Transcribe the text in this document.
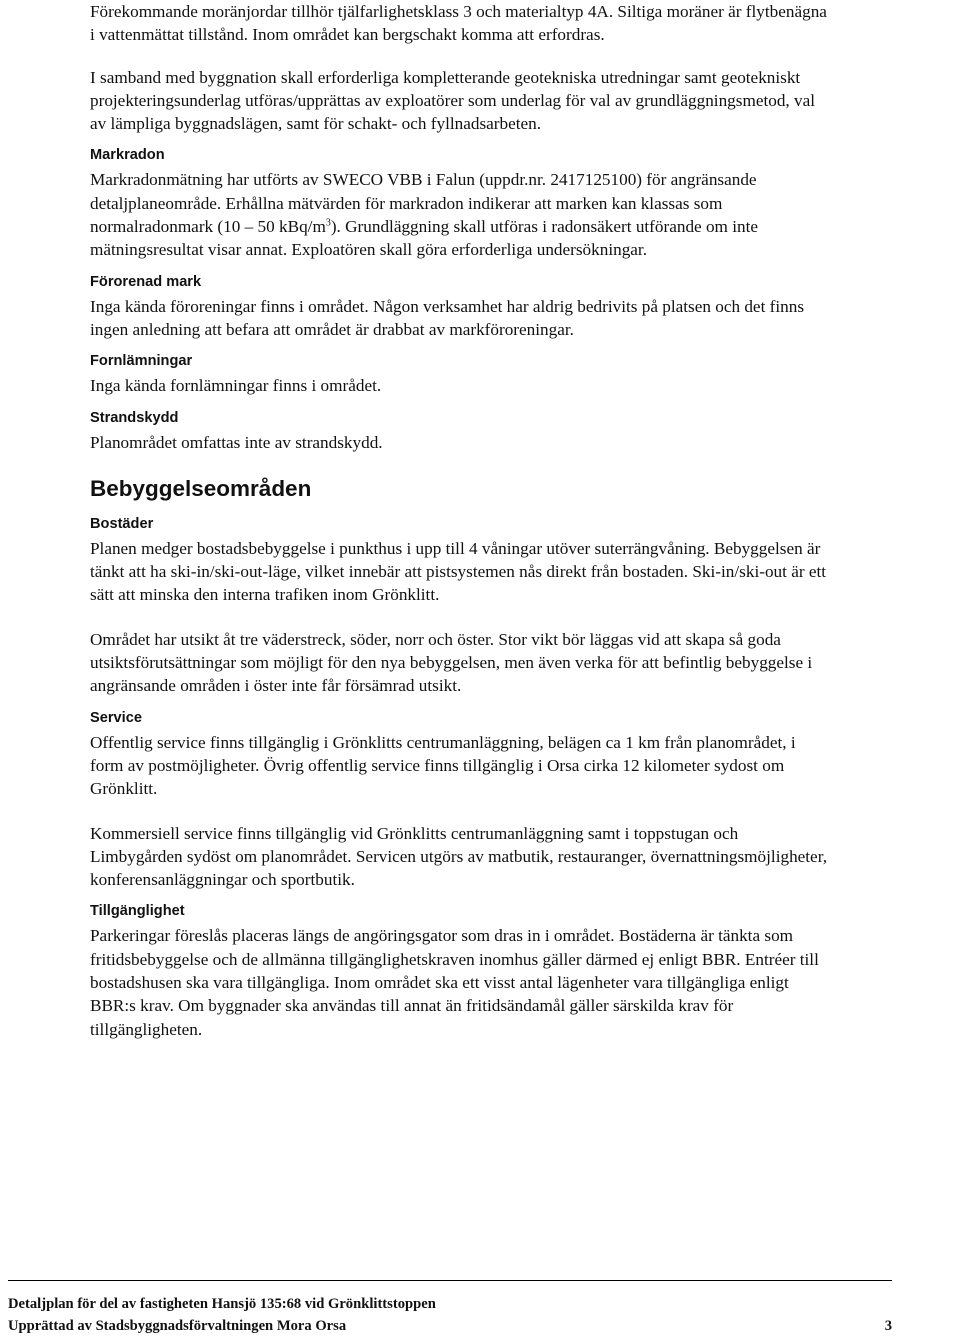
Förekommande moränjordar tillhör tjälfarlighetsklass 3 och materialtyp 4A. Siltiga moräner är flytbenägna i vattenmättat tillstånd. Inom området kan bergschakt komma att erfordras.

I samband med byggnation skall erforderliga kompletterande geotekniska utredningar samt geotekniskt projekteringsunderlag utföras/upprättas av exploatörer som underlag för val av grundläggningsmetod, val av lämpliga byggnadslägen, samt för schakt- och fyllnadsarbeten.

Markradon

Markradonmätning har utförts av SWECO VBB i Falun (uppdr.nr. 2417125100) för angränsande detaljplaneområde. Erhållna mätvärden för markradon indikerar att marken kan klassas som normalradonmark (10 – 50 kBq/$m^3$). Grundläggning skall utföras i radonsäkert utförande om inte mätningsresultat visar annat. Exploatören skall göra erforderliga undersökningar.

Förorenad mark

Inga kända föroreningar finns i området. Någon verksamhet har aldrig bedrivits på platsen och det finns ingen anledning att befara att området är drabbat av markföroreningar.

Fornlämningar

Inga kända fornlämningar finns i området.

Strandskydd

Planområdet omfattas inte av strandskydd.

Bebyggelseområden
Bostäder

Planen medger bostadsbebyggelse i punkthus i upp till 4 våningar utöver suterrängvåning. Bebyggelsen är tänkt att ha ski-in/ski-out-läge, vilket innebär att pistsystemen nås direkt från bostaden. Ski-in/ski-out är ett sätt att minska den interna trafiken inom Grönklitt.

Området har utsikt åt tre väderstreck, söder, norr och öster. Stor vikt bör läggas vid att skapa så goda utsiktsförutsättningar som möjligt för den nya bebyggelsen, men även verka för att befintlig bebyggelse i angränsande områden i öster inte får försämrad utsikt.

Service

Offentlig service finns tillgänglig i Grönklitts centrumanläggning, belägen ca 1 km från planområdet, i form av postmöjligheter. Övrig offentlig service finns tillgänglig i Orsa cirka 12 kilometer sydost om Grönklitt.

Kommersiell service finns tillgänglig vid Grönklitts centrumanläggning samt i toppstugan och Limbygården sydöst om planområdet. Servicen utgörs av matbutik, restauranger, övernattningsmöjligheter, konferensanläggningar och sportbutik.

Tillgänglighet

Parkeringar föreslås placeras längs de angöringsgator som dras in i området. Bostäderna är tänkta som fritidsbebyggelse och de allmänna tillgänglighetskraven inomhus gäller därmed ej enligt BBR. Entréer till bostadshusen ska vara tillgängliga. Inom området ska ett visst antal lägenheter vara tillgängliga enligt BBR:s krav. Om byggnader ska användas till annat än fritidsändamål gäller särskilda krav för tillgängligheten.

Detaljplan för del av fastigheten Hansjö 135:68 vid Grönklittstoppen
Upprättad av Stadsbyggnadsförvaltningen Mora Orsa	3
